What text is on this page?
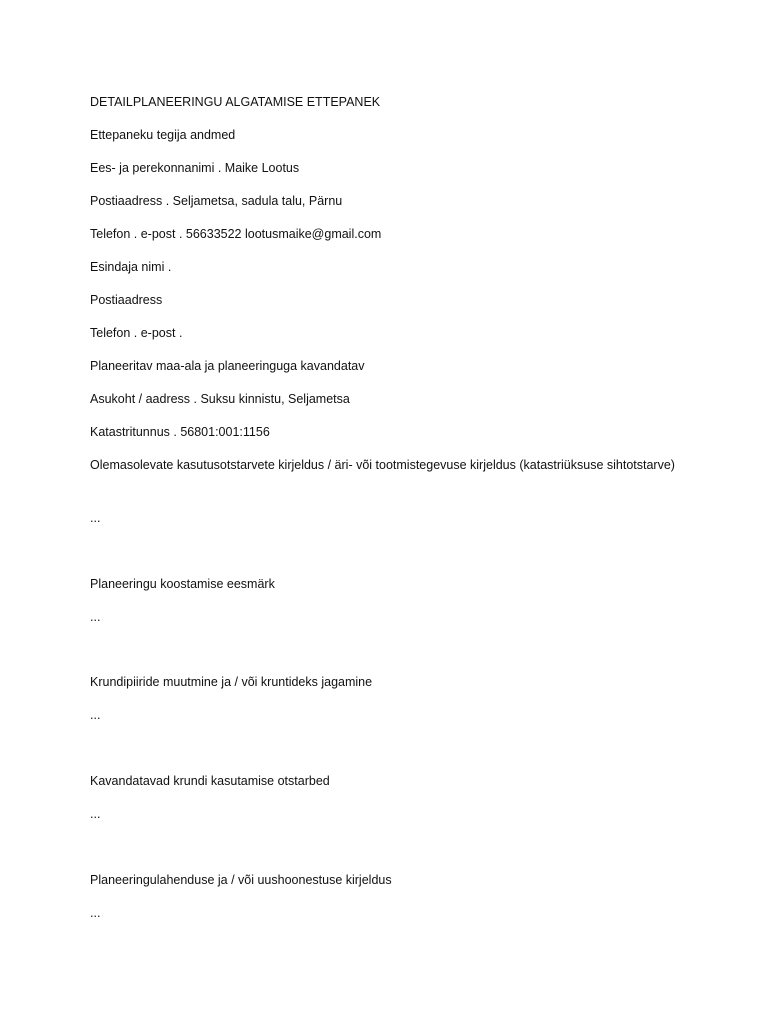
DETAILPLANEERINGU ALGATAMISE ETTEPANEK
Ettepaneku tegija andmed
Ees- ja perekonnanimi . Maike Lootus
Postiaadress . Seljametsa, sadula talu, Pärnu
Telefon . e-post . 56633522 lootusmaike@gmail.com
Esindaja nimi .
Postiaadress
Telefon . e-post .
Planeeritav maa-ala ja planeeringuga kavandatav
Asukoht / aadress . Suksu kinnistu, Seljametsa
Katastritunnus . 56801:001:1156
Olemasolevate kasutusotstarvete kirjeldus / äri- või tootmistegevuse kirjeldus (katastriüksuse sihtotstarve)
...
Planeeringu koostamise eesmärk
...
Krundipiiride muutmine ja / või kruntideks jagamine
...
Kavandatavad krundi kasutamise otstarbed
...
Planeeringulahenduse ja / või uushoonestuse kirjeldus
...
